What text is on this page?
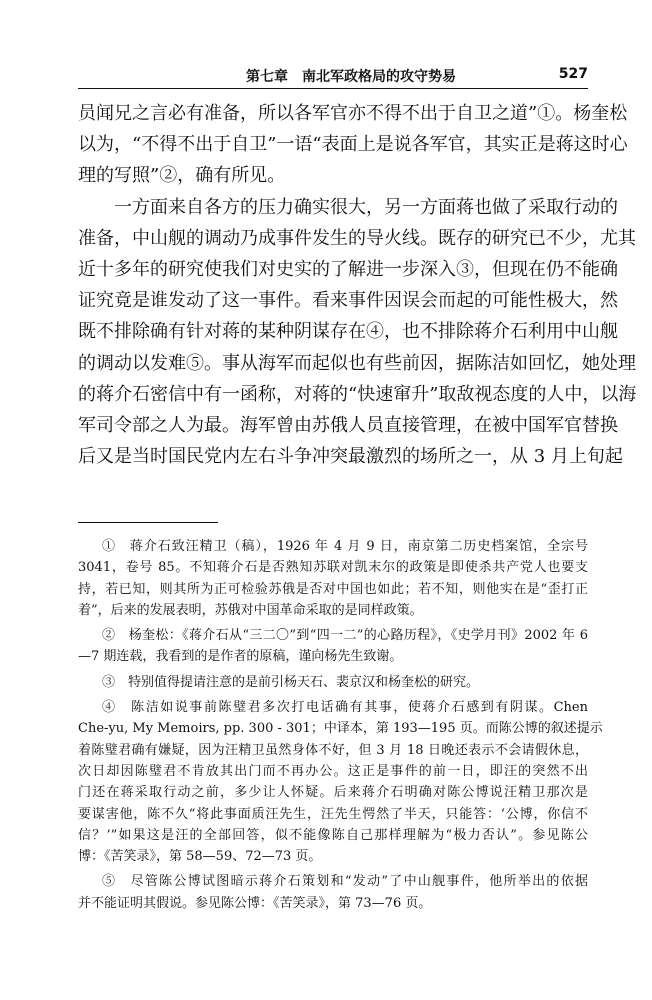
第七章　南北军政格局的攻守势易	527
员闻兄之言必有准备，所以各军官亦不得不出于自卫之道”①。杨奎松
以为，“不得不出于自卫”一语“表面上是说各军官，其实正是蒋这时心
理的写照”②，确有所见。
一方面来自各方的压力确实很大，另一方面蒋也做了采取行动的
准备，中山舰的调动乃成事件发生的导火线。既存的研究已不少，尤其
近十多年的研究使我们对史实的了解进一步深入③，但现在仍不能确
证究竟是谁发动了这一事件。看来事件因误会而起的可能性极大，然
既不排除确有针对蒋的某种阴谋存在④，也不排除蒋介石利用中山舰
的调动以发难⑤。事从海军而起似也有些前因，据陈洁如回忆，她处理
的蒋介石密信中有一函称，对蒋的“快速窜升”取敌视态度的人中，以海
军司令部之人为最。海军曾由苏俄人员直接管理，在被中国军官替换
后又是当时国民党内左右斗争冲突最激烈的场所之一，从 3 月上旬起
①　蒋介石致汪精卫（稿），1926 年 4 月 9 日，南京第二历史档案馆，全宗号
3041，卷号 85。不知蒋介石是否熟知苏联对凯末尔的政策是即使杀共产党人也要支
持，若已知，则其所为正可检验苏俄是否对中国也如此；若不知，则他实在是“歪打正
着”，后来的发展表明，苏俄对中国革命采取的是同样政策。
②　杨奎松：《蒋介石从“三二〇”到“四一二”的心路历程》，《史学月刊》2002 年 6
—7 期连载，我看到的是作者的原稿，谨向杨先生致谢。
③　特别值得提请注意的是前引杨天石、裴京汉和杨奎松的研究。
④　陈洁如说事前陈璧君多次打电话确有其事，使蒋介石感到有阴谋。Chen
Che-yu, My Memoirs, pp. 300 - 301；中译本，第 193—195 页。而陈公博的叙述提示
着陈璧君确有嫌疑，因为汪精卫虽然身体不好，但 3 月 18 日晚还表示不会请假休息，
次日却因陈璧君不肯放其出门而不再办公。这正是事件的前一日，即汪的突然不出
门还在蒋采取行动之前，多少让人怀疑。后来蒋介石明确对陈公博说汪精卫那次是
要谋害他，陈不久“将此事面质汪先生，汪先生愕然了半天，只能答：‘公博，你信不
信？’”如果这是汪的全部回答，似不能像陈自己那样理解为“极力否认”。参见陈公
博：《苦笑录》，第 58—59、72—73 页。
⑤　尽管陈公博试图暗示蒋介石策划和“发动”了中山舰事件，他所举出的依据
并不能证明其假说。参见陈公博：《苦笑录》，第 73—76 页。
